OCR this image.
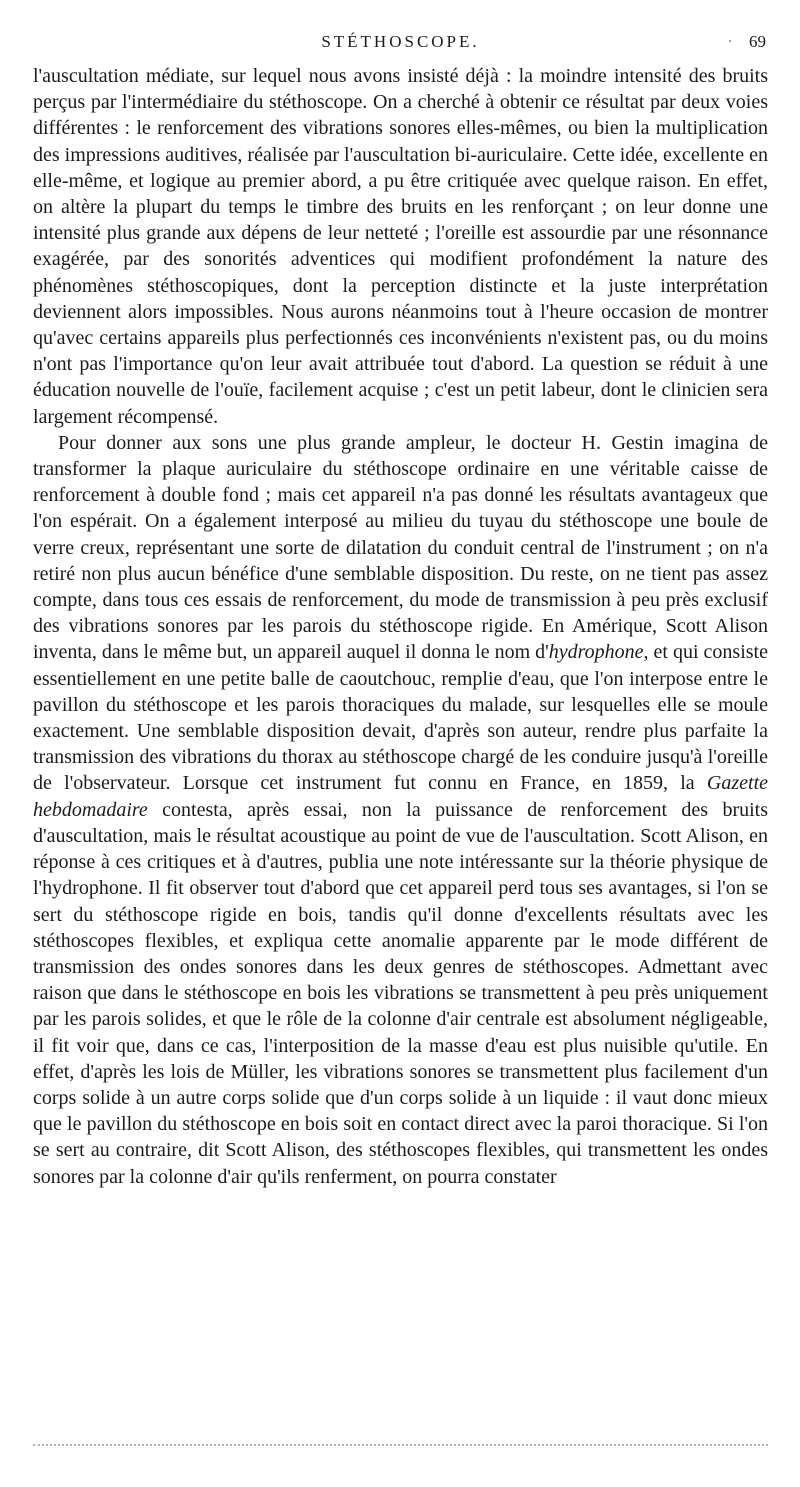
STÉTHOSCOPE.	69

l'auscultation médiate, sur lequel nous avons insisté déjà : la moindre intensité des bruits perçus par l'intermédiaire du stéthoscope. On a cherché à obtenir ce résultat par deux voies différentes : le renforcement des vibrations sonores elles-mêmes, ou bien la multiplication des impressions auditives, réalisée par l'auscultation bi-auriculaire. Cette idée, excellente en elle-même, et logique au premier abord, a pu être critiquée avec quelque raison. En effet, on altère la plupart du temps le timbre des bruits en les renforçant ; on leur donne une intensité plus grande aux dépens de leur netteté ; l'oreille est assourdie par une résonnance exagérée, par des sonorités adventices qui modifient profondément la nature des phénomènes stéthoscopiques, dont la perception distincte et la juste interprétation deviennent alors impossibles. Nous aurons néanmoins tout à l'heure occasion de montrer qu'avec certains appareils plus perfectionnés ces inconvénients n'existent pas, ou du moins n'ont pas l'importance qu'on leur avait attribuée tout d'abord. La question se réduit à une éducation nouvelle de l'ouïe, facilement acquise ; c'est un petit labeur, dont le clinicien sera largement récompensé.

Pour donner aux sons une plus grande ampleur, le docteur H. Gestin imagina de transformer la plaque auriculaire du stéthoscope ordinaire en une véritable caisse de renforcement à double fond ; mais cet appareil n'a pas donné les résultats avantageux que l'on espérait. On a également interposé au milieu du tuyau du stéthoscope une boule de verre creux, représentant une sorte de dilatation du conduit central de l'instrument ; on n'a retiré non plus aucun bénéfice d'une semblable disposition. Du reste, on ne tient pas assez compte, dans tous ces essais de renforcement, du mode de transmission à peu près exclusif des vibrations sonores par les parois du stéthoscope rigide. En Amérique, Scott Alison inventa, dans le même but, un appareil auquel il donna le nom d'hydrophone, et qui consiste essentiellement en une petite balle de caoutchouc, remplie d'eau, que l'on interpose entre le pavillon du stéthoscope et les parois thoraciques du malade, sur lesquelles elle se moule exactement. Une semblable disposition devait, d'après son auteur, rendre plus parfaite la transmission des vibrations du thorax au stéthoscope chargé de les conduire jusqu'à l'oreille de l'observateur. Lorsque cet instrument fut connu en France, en 1859, la Gazette hebdomadaire contesta, après essai, non la puissance de renforcement des bruits d'auscultation, mais le résultat acoustique au point de vue de l'auscultation. Scott Alison, en réponse à ces critiques et à d'autres, publia une note intéressante sur la théorie physique de l'hydrophone. Il fit observer tout d'abord que cet appareil perd tous ses avantages, si l'on se sert du stéthoscope rigide en bois, tandis qu'il donne d'excellents résultats avec les stéthoscopes flexibles, et expliqua cette anomalie apparente par le mode différent de transmission des ondes sonores dans les deux genres de stéthoscopes. Admettant avec raison que dans le stéthoscope en bois les vibrations se transmettent à peu près uniquement par les parois solides, et que le rôle de la colonne d'air centrale est absolument négligeable, il fit voir que, dans ce cas, l'interposition de la masse d'eau est plus nuisible qu'utile. En effet, d'après les lois de Müller, les vibrations sonores se transmettent plus facilement d'un corps solide à un autre corps solide que d'un corps solide à un liquide : il vaut donc mieux que le pavillon du stéthoscope en bois soit en contact direct avec la paroi thoracique. Si l'on se sert au contraire, dit Scott Alison, des stéthoscopes flexibles, qui transmettent les ondes sonores par la colonne d'air qu'ils renferment, on pourra constater
